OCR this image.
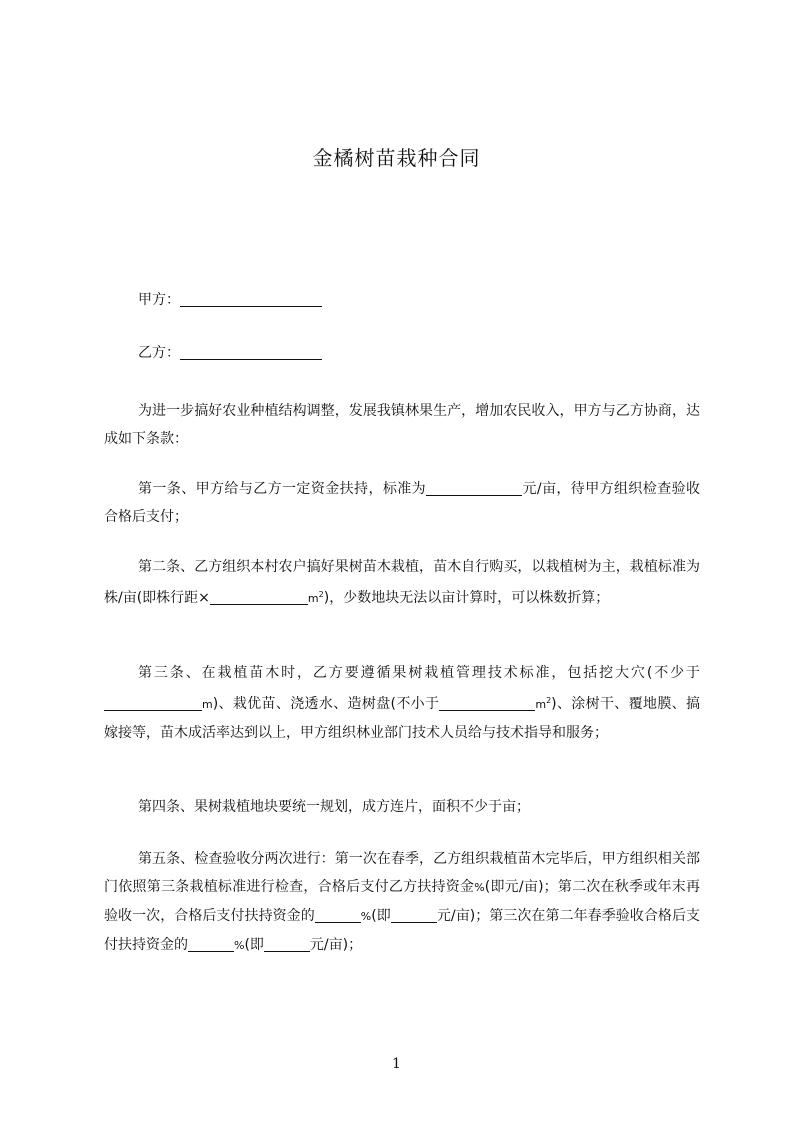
金橘树苗栽种合同
甲方：
乙方：
为进一步搞好农业种植结构调整，发展我镇林果生产，增加农民收入，甲方与乙方协商，达成如下条款：
第一条、甲方给与乙方一定资金扶持，标准为	元/亩，待甲方组织检查验收合格后支付；
第二条、乙方组织本村农户搞好果树苗木栽植，苗木自行购买，以栽植树为主，栽植标准为株/亩(即株行距×	$m^2$)，少数地块无法以亩计算时，可以株数折算；
第三条、在栽植苗木时，乙方要遵循果树栽植管理技术标准，包括挖大穴(不少于m)、栽优苗、浇透水、造树盘(不小于	$m^2$)、涂树干、覆地膜、搞嫁接等，苗木成活率达到以上，甲方组织林业部门技术人员给与技术指导和服务；
第四条、果树栽植地块要统一规划，成方连片，面积不少于亩；
第五条、检查验收分两次进行：第一次在春季，乙方组织栽植苗木完毕后，甲方组织相关部门依照第三条栽植标准进行检查，合格后支付乙方扶持资金%(即元/亩)；第二次在秋季或年末再验收一次，合格后支付扶持资金的	%(即	元/亩)；第三次在第二年春季验收合格后支付扶持资金的	%(即	元/亩)；
1
